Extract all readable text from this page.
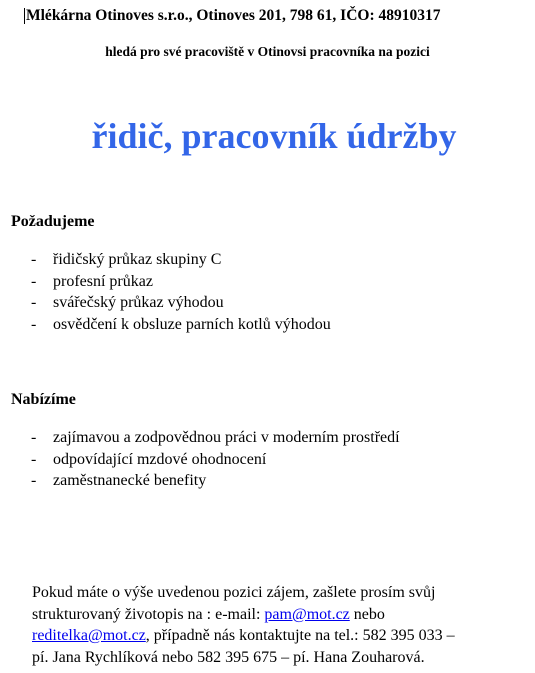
Mlékárna Otinoves s.r.o., Otinoves 201, 798 61, IČO: 48910317
hledá pro své pracoviště v Otinovsi pracovníka na pozici
řidič, pracovník údržby
Požadujeme
- řidičský průkaz skupiny C
- profesní průkaz
- svářečský průkaz výhodou
- osvědčení k obsluze parních kotlů výhodou
Nabízíme
- zajímavou a zodpovědnou práci v moderním prostředí
- odpovídající mzdové ohodnocení
- zaměstnanecké benefity
Pokud máte o výše uvedenou pozici zájem, zašlete prosím svůj
strukturovaný životopis na : e-mail: pam@mot.cz nebo
reditelka@mot.cz, případně nás kontaktujte na tel.: 582 395 033 –
pí. Jana Rychlíková nebo 582 395 675 – pí. Hana Zouharová.
